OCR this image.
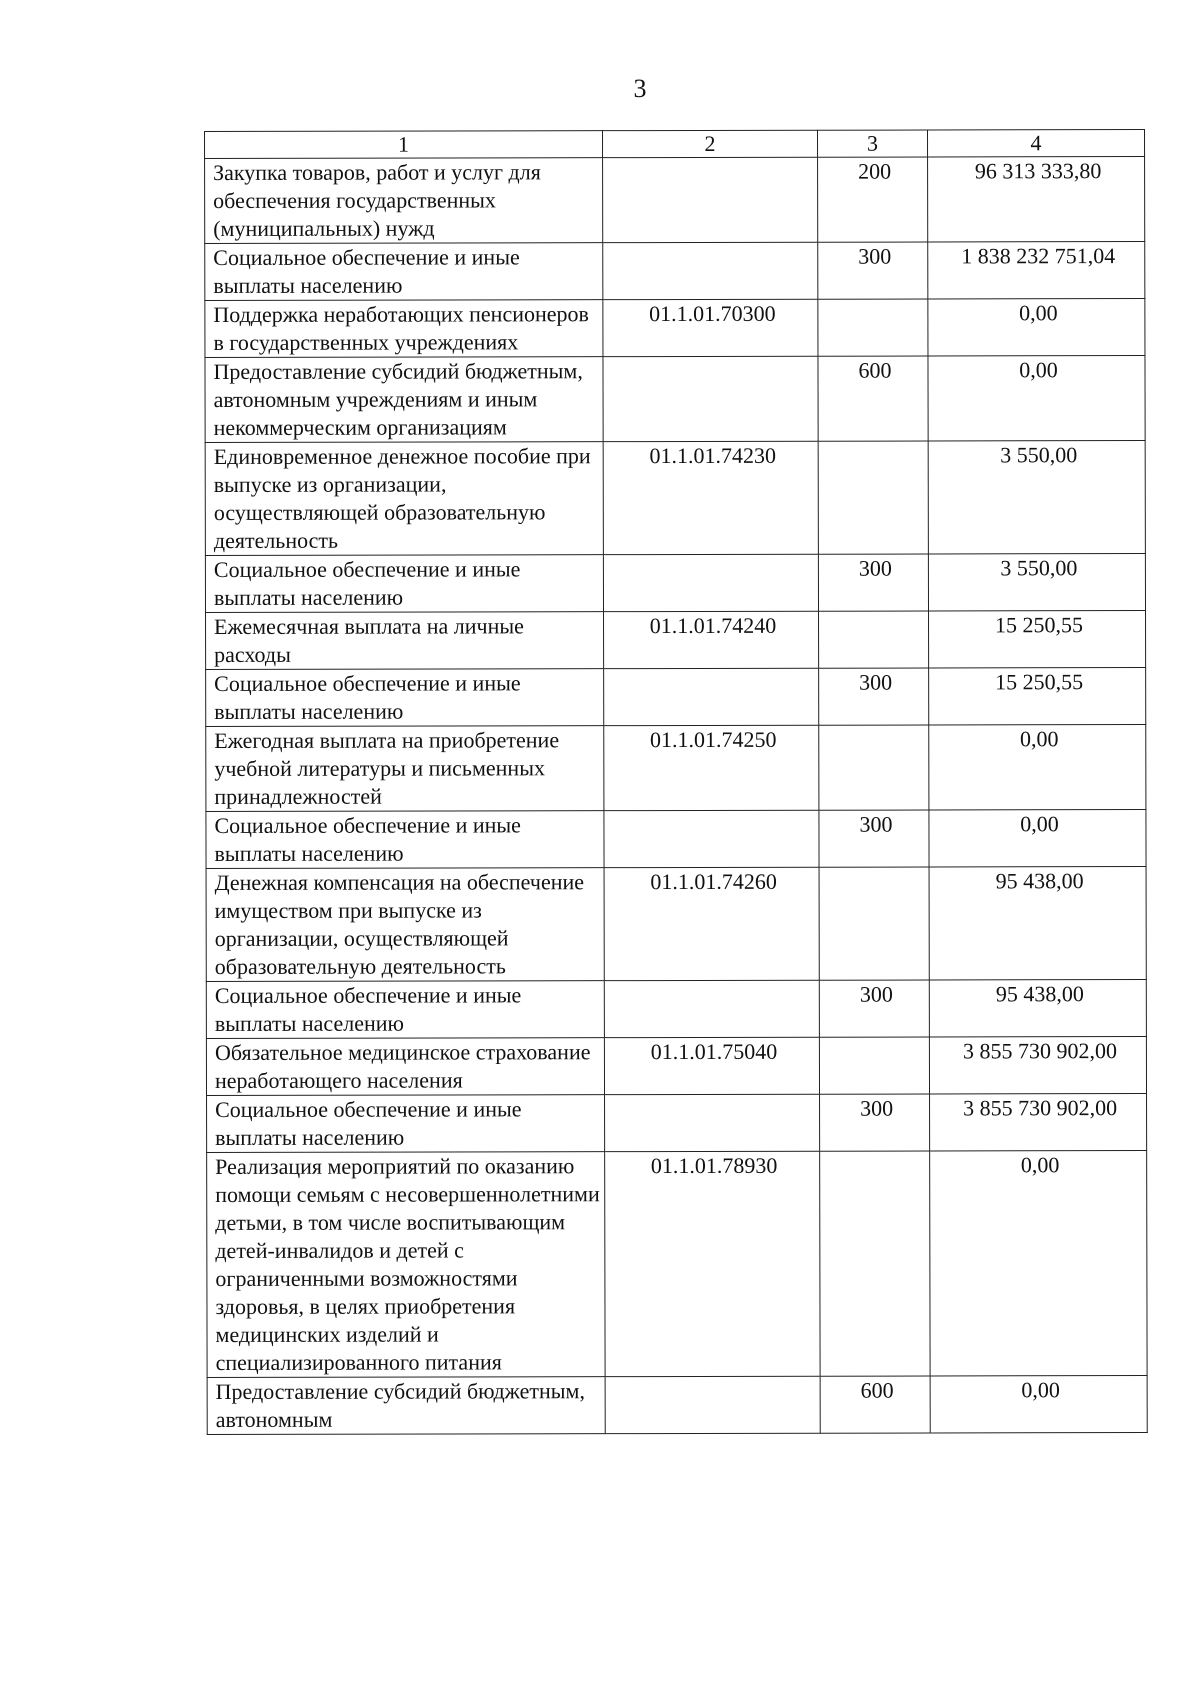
3
1	2	3	4
Закупка товаров, работ и услуг для обеспечения государственных (муниципальных) нужд		200	96 313 333,80
Социальное обеспечение и иные выплаты населению		300	1 838 232 751,04
Поддержка неработающих пенсионеров в государственных учреждениях	01.1.01.70300		0,00
Предоставление субсидий бюджетным, автономным учреждениям и иным некоммерческим организациям		600	0,00
Единовременное денежное пособие при выпуске из организации, осуществляющей образовательную деятельность	01.1.01.74230		3 550,00
Социальное обеспечение и иные выплаты населению		300	3 550,00
Ежемесячная выплата на личные расходы	01.1.01.74240		15 250,55
Социальное обеспечение и иные выплаты населению		300	15 250,55
Ежегодная выплата на приобретение учебной литературы и письменных принадлежностей	01.1.01.74250		0,00
Социальное обеспечение и иные выплаты населению		300	0,00
Денежная компенсация на обеспечение имуществом при выпуске из организации, осуществляющей образовательную деятельность	01.1.01.74260		95 438,00
Социальное обеспечение и иные выплаты населению		300	95 438,00
Обязательное медицинское страхование неработающего населения	01.1.01.75040		3 855 730 902,00
Социальное обеспечение и иные выплаты населению		300	3 855 730 902,00
Реализация мероприятий по оказанию помощи семьям с несовершеннолетними детьми, в том числе воспитывающим детей-инвалидов и детей с ограниченными возможностями здоровья, в целях приобретения медицинских изделий и специализированного питания	01.1.01.78930		0,00
Предоставление субсидий бюджетным, автономным		600	0,00
